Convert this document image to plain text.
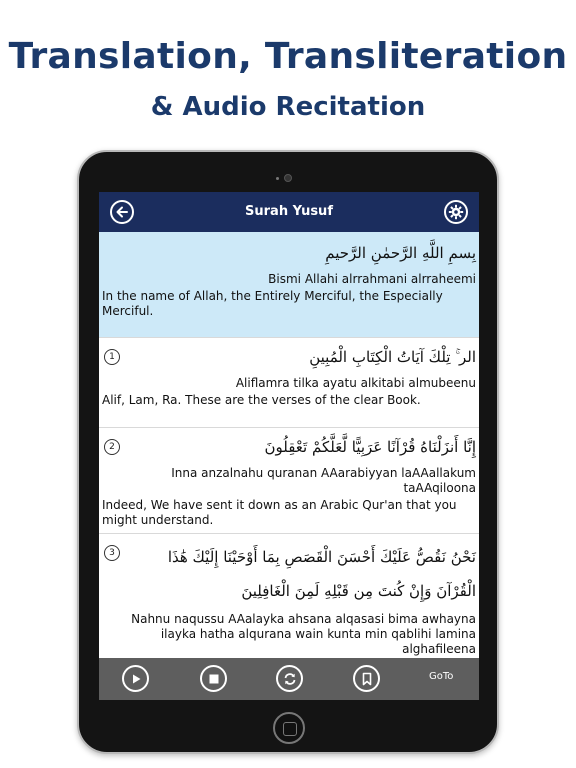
Translation, Transliteration
& Audio Recitation
Surah Yusuf
بِسمِ اللَّهِ الرَّحمٰنِ الرَّحيمِ
Bismi Allahi alrrahmani alrraheemi
In the name of Allah, the Entirely Merciful, the Especially Merciful.
1	الر ۚ تِلْكَ آيَاتُ الْكِتَابِ الْمُبِينِ
Aliflamra tilka ayatu alkitabi almubeenu
Alif, Lam, Ra. These are the verses of the clear Book.
2	إِنَّا أَنزَلْنَاهُ قُرْآنًا عَرَبِيًّا لَّعَلَّكُمْ تَعْقِلُونَ
Inna anzalnahu quranan AAarabiyyan laAAallakum taAAqiloona
Indeed, We have sent it down as an Arabic Qur'an that you might understand.
3	نَحْنُ نَقُصُّ عَلَيْكَ أَحْسَنَ الْقَصَصِ بِمَا أَوْحَيْنَا إِلَيْكَ هَٰذَا الْقُرْآنَ وَإِنْ كُنتَ مِن قَبْلِهِ لَمِنَ الْغَافِلِينَ
Nahnu naqussu AAalayka ahsana alqasasi bima awhayna ilayka hatha alqurana wain kunta min qablihi lamina alghafileena
GoTo
